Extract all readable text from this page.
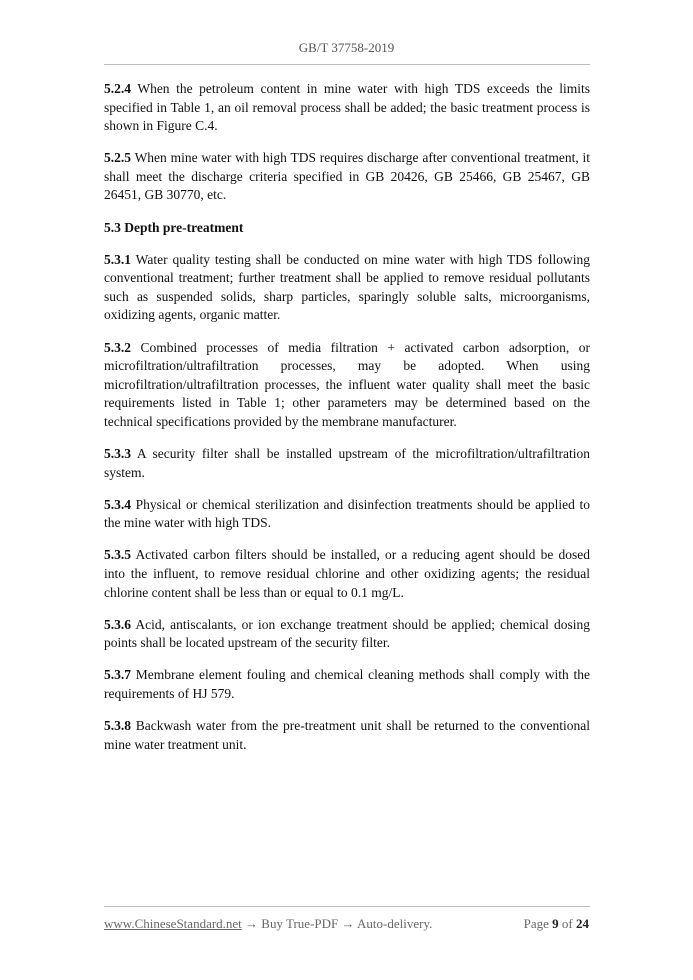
GB/T 37758-2019

5.2.4 When the petroleum content in mine water with high TDS exceeds the limits specified in Table 1, an oil removal process shall be added; the basic treatment process is shown in Figure C.4.

5.2.5 When mine water with high TDS requires discharge after conventional treatment, it shall meet the discharge criteria specified in GB 20426, GB 25466, GB 25467, GB 26451, GB 30770, etc.

5.3 Depth pre-treatment

5.3.1 Water quality testing shall be conducted on mine water with high TDS following conventional treatment; further treatment shall be applied to remove residual pollutants such as suspended solids, sharp particles, sparingly soluble salts, microorganisms, oxidizing agents, organic matter.

5.3.2 Combined processes of media filtration + activated carbon adsorption, or microfiltration/ultrafiltration processes, may be adopted. When using microfiltration/ultrafiltration processes, the influent water quality shall meet the basic requirements listed in Table 1; other parameters may be determined based on the technical specifications provided by the membrane manufacturer.

5.3.3 A security filter shall be installed upstream of the microfiltration/ultrafiltration system.

5.3.4 Physical or chemical sterilization and disinfection treatments should be applied to the mine water with high TDS.

5.3.5 Activated carbon filters should be installed, or a reducing agent should be dosed into the influent, to remove residual chlorine and other oxidizing agents; the residual chlorine content shall be less than or equal to 0.1 mg/L.

5.3.6 Acid, antiscalants, or ion exchange treatment should be applied; chemical dosing points shall be located upstream of the security filter.

5.3.7 Membrane element fouling and chemical cleaning methods shall comply with the requirements of HJ 579.

5.3.8 Backwash water from the pre-treatment unit shall be returned to the conventional mine water treatment unit.

www.ChineseStandard.net → Buy True-PDF → Auto-delivery.	Page 9 of 24
